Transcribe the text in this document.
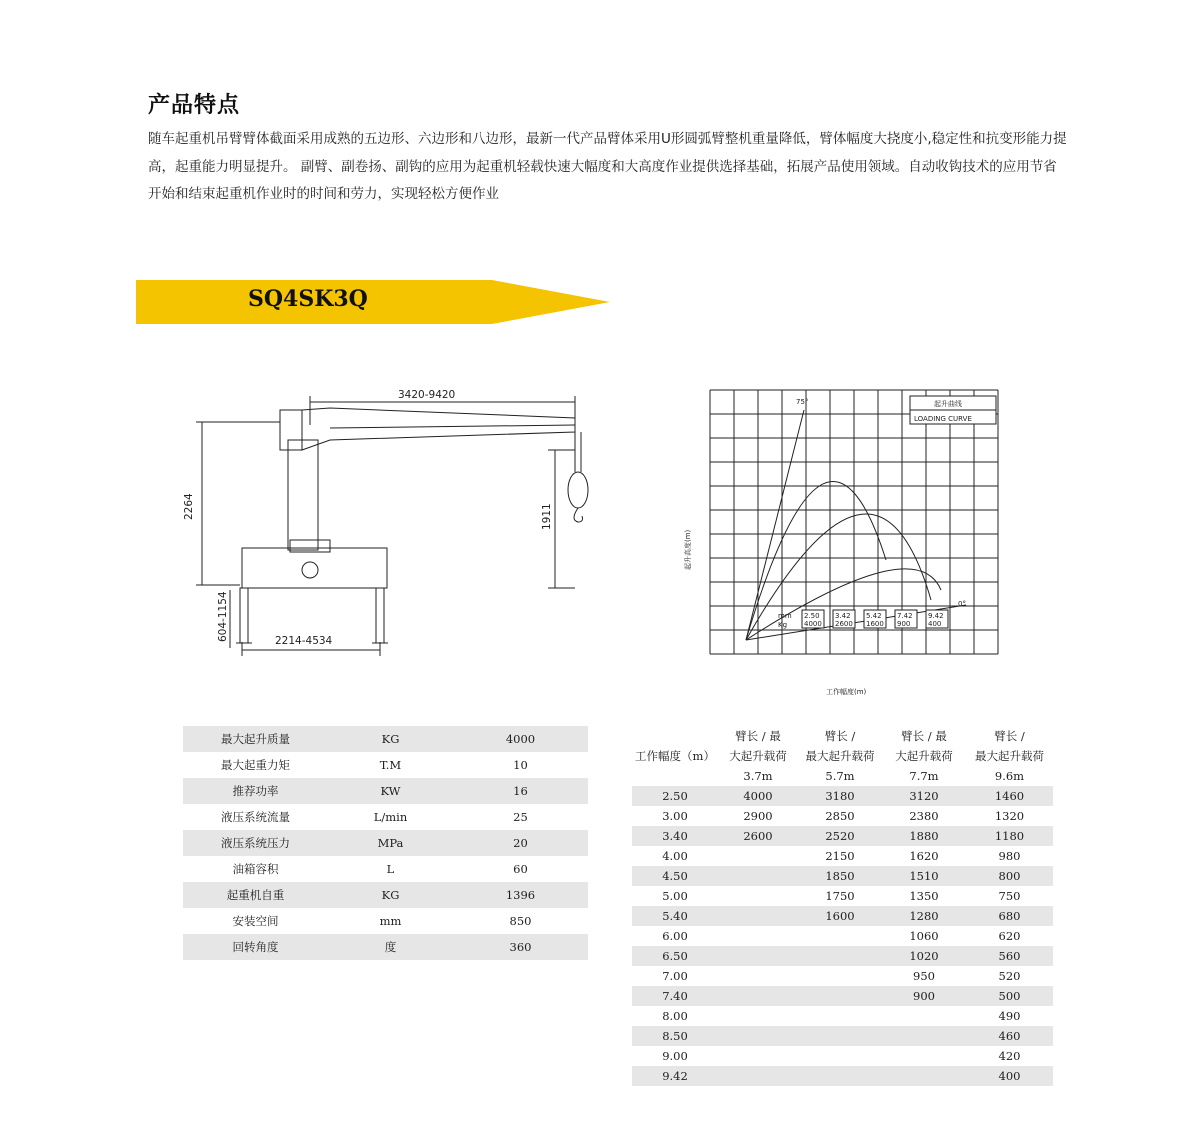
产品特点
随车起重机吊臂臂体截面采用成熟的五边形、六边形和八边形，最新一代产品臂体采用U形圆弧臂整机重量降低，臂体幅度大挠度小,稳定性和抗变形能力提高，起重能力明显提升。 副臂、副卷扬、副钩的应用为起重机轻载快速大幅度和大高度作业提供选择基础，拓展产品使用领域。自动收钩技术的应用节省开始和结束起重机作业时的时间和劳力，实现轻松方便作业
SQ4SK3Q
3420-9420
2264	1911
604-1154	2214-4534
起升曲线
LOADING CURVE
75°
0°
起升高度(m)
工作幅度(m)
mm
Kg
2.50
4000
3.42
2600
5.42
1600
7.42
900
9.42
400
最大起升质量	KG	4000
最大起重力矩	T.M	10
推荐功率	KW	16
液压系统流量	L/min	25
液压系统压力	MPa	20
油箱容积	L	60
起重机自重	KG	1396
安装空间	mm	850
回转角度	度	360
工作幅度（m）	臂长 / 最	臂长 /	臂长 / 最	臂长 /
	大起升载荷	最大起升载荷	大起升载荷	最大起升载荷
	3.7m	5.7m	7.7m	9.6m
2.50	4000	3180	3120	1460
3.00	2900	2850	2380	1320
3.40	2600	2520	1880	1180
4.00		2150	1620	980
4.50		1850	1510	800
5.00		1750	1350	750
5.40		1600	1280	680
6.00			1060	620
6.50			1020	560
7.00			950	520
7.40			900	500
8.00				490
8.50				460
9.00				420
9.42				400
